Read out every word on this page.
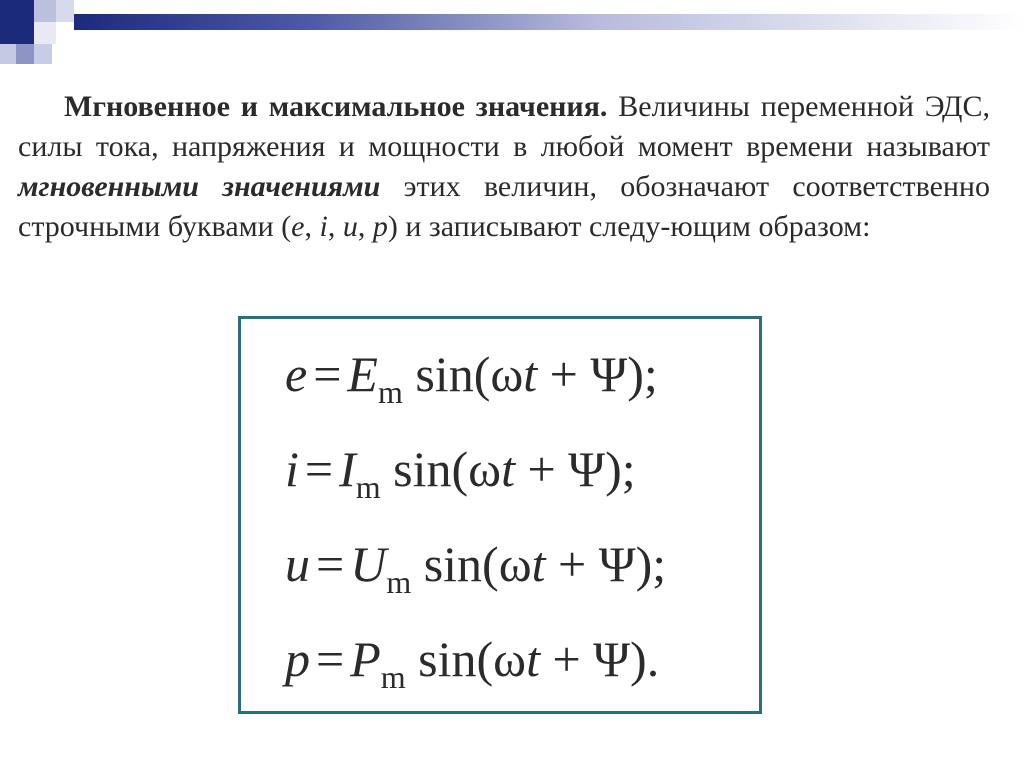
Мгновенное и максимальное значения. Величины переменной ЭДС, силы тока, напряжения и мощности в любой момент времени называют мгновенными значениями этих величин, обозначают соответственно строчными буквами (e, i, u, p) и записывают следу-ющим образом:

$e = E_m$ sin(ωt + Ψ);
$i = I_m$ sin(ωt + Ψ);
$u = U_m$ sin(ωt + Ψ);
$p = P_m$ sin(ωt + Ψ).
